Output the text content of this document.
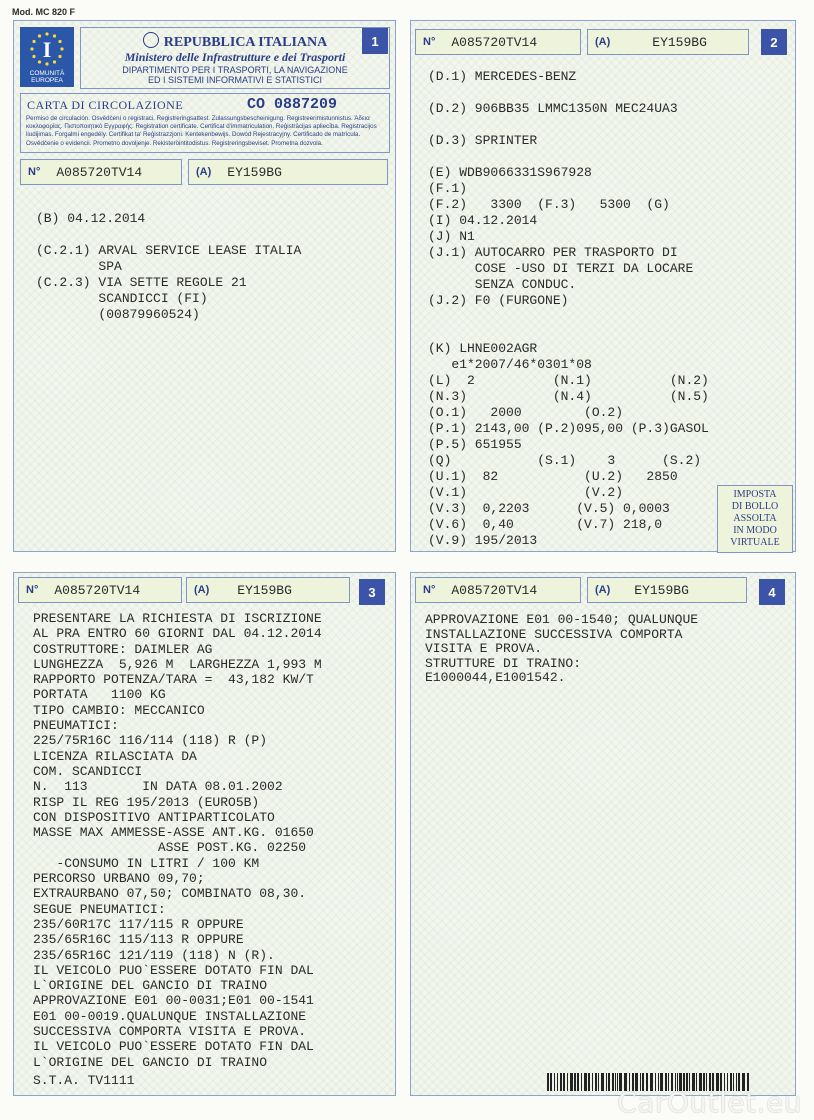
Mod. MC 820 F
I
COMUNITÀ
EUROPEA
REPUBBLICA ITALIANA
Ministero delle Infrastrutture e dei Trasporti
DIPARTIMENTO PER I TRASPORTI, LA NAVIGAZIONE
ED I SISTEMI INFORMATIVI E STATISTICI
1
CARTA DI CIRCOLAZIONE	CO 0887209
Permiso de circulación. Osvědčení o registraci. Registreringsattest. Zulassungsbescheinigung. Registreerimistunnistus. Άδεια κυκλοφορίας. Πιστοποιητικό Εγγραφής. Registration certificate. Certificat d'immatriculation. Reģistrācijas apliecība. Registracijos liudijimas. Forgalmi engedély. Certifikat ta' Reģistrazzjoni. Kentekenbewijs. Dowód Rejestracyjny. Certificado de matrícula. Osvědčenie o evidencii. Prometno dovoljenje. Rekisteröintitodistus. Registreringsbeviset. Prometna dozvola.
N° A085720TV14	(A) EY159BG
(B) 04.12.2014

(C.2.1) ARVAL SERVICE LEASE ITALIA
SPA
(C.2.3) VIA SETTE REGOLE 21
SCANDICCI (FI)
(00879960524)
N° A085720TV14	(A)	EY159BG	2
(D.1) MERCEDES-BENZ

(D.2) 906BB35 LMMC1350N MEC24UA3

(D.3) SPRINTER

(E) WDB9066331S967928
(F.1)
(F.2)   3300  (F.3)   5300  (G)
(I) 04.12.2014
(J) N1
(J.1) AUTOCARRO PER TRASPORTO DI
COSE -USO DI TERZI DA LOCARE
SENZA CONDUC.
(J.2) F0 (FURGONE)

(K) LHNE002AGR
e1*2007/46*0301*08
(L)  2          (N.1)          (N.2)
(N.3)           (N.4)          (N.5)
(O.1)   2000        (O.2)
(P.1) 2143,00 (P.2)095,00 (P.3)GASOL
(P.5) 651955
(Q)           (S.1)    3      (S.2)
(U.1)  82           (U.2)   2850
(V.1)               (V.2)
(V.3)  0,2203      (V.5) 0,0003
(V.6)  0,40        (V.7) 218,0
(V.9) 195/2013
IMPOSTA
DI BOLLO
ASSOLTA
IN MODO
VIRTUALE
N° A085720TV14	(A) EY159BG	3
PRESENTARE LA RICHIESTA DI ISCRIZIONE
AL PRA ENTRO 60 GIORNI DAL 04.12.2014
COSTRUTTORE: DAIMLER AG
LUNGHEZZA  5,926 M  LARGHEZZA 1,993 M
RAPPORTO POTENZA/TARA =  43,182 KW/T
PORTATA   1100 KG
TIPO CAMBIO: MECCANICO
PNEUMATICI:
225/75R16C 116/114 (118) R (P)
LICENZA RILASCIATA DA
COM. SCANDICCI
N.  113       IN DATA 08.01.2002
RISP IL REG 195/2013 (EURO5B)
CON DISPOSITIVO ANTIPARTICOLATO
MASSE MAX AMMESSE-ASSE ANT.KG. 01650
ASSE POST.KG. 02250
-CONSUMO IN LITRI / 100 KM
PERCORSO URBANO 09,70;
EXTRAURBANO 07,50; COMBINATO 08,30.
SEGUE PNEUMATICI:
235/60R17C 117/115 R OPPURE
235/65R16C 115/113 R OPPURE
235/65R16C 121/119 (118) N (R).
IL VEICOLO PUO`ESSERE DOTATO FIN DAL
L`ORIGINE DEL GANCIO DI TRAINO
APPROVAZIONE E01 00-0031;E01 00-1541
E01 00-0019.QUALUNQUE INSTALLAZIONE
SUCCESSIVA COMPORTA VISITA E PROVA.
IL VEICOLO PUO`ESSERE DOTATO FIN DAL
L`ORIGINE DEL GANCIO DI TRAINO
S.T.A. TV1111
N° A085720TV14	(A) EY159BG	4
APPROVAZIONE E01 00-1540; QUALUNQUE
INSTALLAZIONE SUCCESSIVA COMPORTA
VISITA E PROVA.
STRUTTURE DI TRAINO:
E1000044,E1001542.
CarOutlet.eu
